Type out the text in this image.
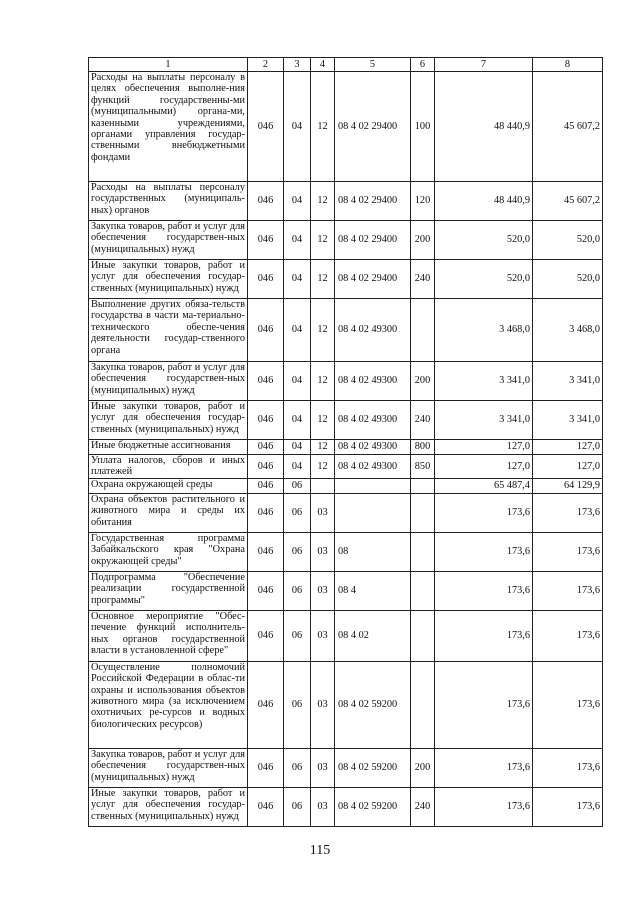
1	2	3	4	5	6	7	8
Расходы на выплаты персоналу в целях обеспечения выполне-ния функций государственны-ми (муниципальными) органа-ми, казенными учреждениями, органами управления государ-ственными внебюджетными фондами	046	04	12	08 4 02 29400	100	48 440,9	45 607,2
Расходы на выплаты персоналу государственных (муниципаль-ных) органов	046	04	12	08 4 02 29400	120	48 440,9	45 607,2
Закупка товаров, работ и услуг для обеспечения государствен-ных (муниципальных) нужд	046	04	12	08 4 02 29400	200	520,0	520,0
Иные закупки товаров, работ и услуг для обеспечения государ-ственных (муниципальных) нужд	046	04	12	08 4 02 29400	240	520,0	520,0
Выполнение других обяза-тельств государства в части ма-териально-технического обеспе-чения деятельности государ-ственного органа	046	04	12	08 4 02 49300		3 468,0	3 468,0
Закупка товаров, работ и услуг для обеспечения государствен-ных (муниципальных) нужд	046	04	12	08 4 02 49300	200	3 341,0	3 341,0
Иные закупки товаров, работ и услуг для обеспечения государ-ственных (муниципальных) нужд	046	04	12	08 4 02 49300	240	3 341,0	3 341,0
Иные бюджетные ассигнования	046	04	12	08 4 02 49300	800	127,0	127,0
Уплата налогов, сборов и иных платежей	046	04	12	08 4 02 49300	850	127,0	127,0
Охрана окружающей среды	046	06				65 487,4	64 129,9
Охрана объектов растительного и животного мира и среды их обитания	046	06	03			173,6	173,6
Государственная программа Забайкальского края "Охрана окружающей среды"	046	06	03	08		173,6	173,6
Подпрограмма "Обеспечение реализации государственной программы"	046	06	03	08 4		173,6	173,6
Основное мероприятие "Обес-печение функций исполнитель-ных органов государственной власти в установленной сфере"	046	06	03	08 4 02		173,6	173,6
Осуществление полномочий Российской Федерации в облас-ти охраны и использования объектов животного мира (за исключением охотничьих ре-сурсов и водных биологических ресурсов)	046	06	03	08 4 02 59200		173,6	173,6
Закупка товаров, работ и услуг для обеспечения государствен-ных (муниципальных) нужд	046	06	03	08 4 02 59200	200	173,6	173,6
Иные закупки товаров, работ и услуг для обеспечения государ-ственных (муниципальных) нужд	046	06	03	08 4 02 59200	240	173,6	173,6
115
